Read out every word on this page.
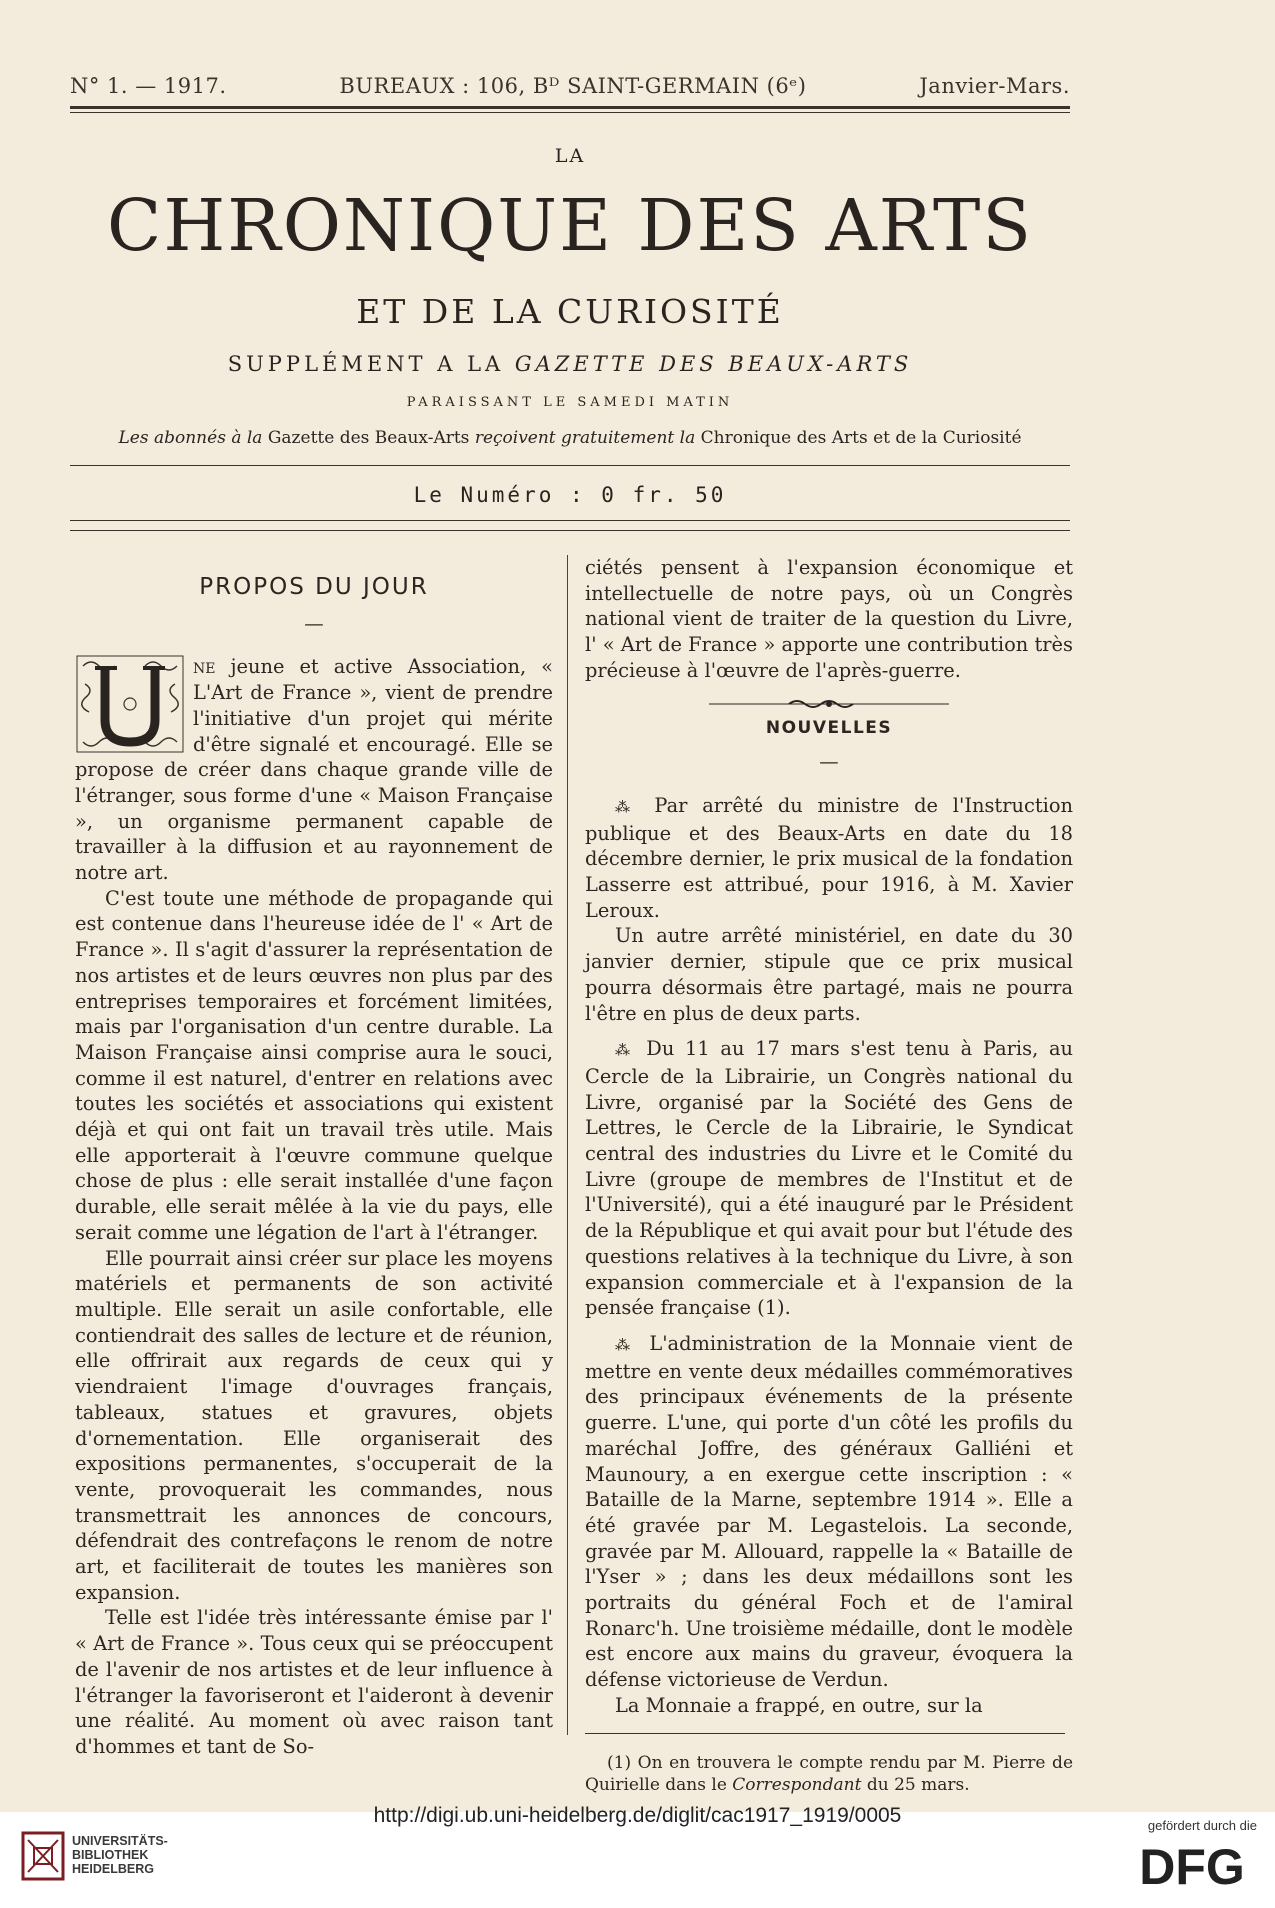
N° 1. — 1917.	BUREAUX : 106, Bᴰ SAINT-GERMAIN (6ᵉ)	Janvier-Mars.
LA
CHRONIQUE DES ARTS
ET DE LA CURIOSITÉ
SUPPLÉMENT A LA GAZETTE DES BEAUX-ARTS
PARAISSANT LE SAMEDI MATIN
Les abonnés à la Gazette des Beaux-Arts reçoivent gratuitement la Chronique des Arts et de la Curiosité
Le Numéro : 0 fr. 50
PROPOS DU JOUR
—

ne jeune et active Association, « L'Art de France », vient de prendre l'initiative d'un projet qui mérite d'être signalé et encouragé. Elle se propose de créer dans chaque grande ville de l'étranger, sous forme d'une « Maison Française », un organisme permanent capable de travailler à la diffusion et au rayonnement de notre art.

C'est toute une méthode de propagande qui est contenue dans l'heureuse idée de l' « Art de France ». Il s'agit d'assurer la représentation de nos artistes et de leurs œuvres non plus par des entreprises temporaires et forcément limitées, mais par l'organisation d'un centre durable. La Maison Française ainsi comprise aura le souci, comme il est naturel, d'entrer en relations avec toutes les sociétés et associations qui existent déjà et qui ont fait un travail très utile. Mais elle apporterait à l'œuvre commune quelque chose de plus : elle serait installée d'une façon durable, elle serait mêlée à la vie du pays, elle serait comme une légation de l'art à l'étranger.

Elle pourrait ainsi créer sur place les moyens matériels et permanents de son activité multiple. Elle serait un asile confortable, elle contiendrait des salles de lecture et de réunion, elle offrirait aux regards de ceux qui y viendraient l'image d'ouvrages français, tableaux, statues et gravures, objets d'ornementation. Elle organiserait des expositions permanentes, s'occuperait de la vente, provoquerait les commandes, nous transmettrait les annonces de concours, défendrait des contrefaçons le renom de notre art, et faciliterait de toutes les manières son expansion.

Telle est l'idée très intéressante émise par l' « Art de France ». Tous ceux qui se préoccupent de l'avenir de nos artistes et de leur influence à l'étranger la favoriseront et l'aideront à devenir une réalité. Au moment où avec raison tant d'hommes et tant de So-

ciétés pensent à l'expansion économique et intellectuelle de notre pays, où un Congrès national vient de traiter de la question du Livre, l' « Art de France » apporte une contribution très précieuse à l'œuvre de l'après-guerre.

NOUVELLES
—

⁂ Par arrêté du ministre de l'Instruction publique et des Beaux-Arts en date du 18 décembre dernier, le prix musical de la fondation Lasserre est attribué, pour 1916, à M. Xavier Leroux.

Un autre arrêté ministériel, en date du 30 janvier dernier, stipule que ce prix musical pourra désormais être partagé, mais ne pourra l'être en plus de deux parts.

⁂ Du 11 au 17 mars s'est tenu à Paris, au Cercle de la Librairie, un Congrès national du Livre, organisé par la Société des Gens de Lettres, le Cercle de la Librairie, le Syndicat central des industries du Livre et le Comité du Livre (groupe de membres de l'Institut et de l'Université), qui a été inauguré par le Président de la République et qui avait pour but l'étude des questions relatives à la technique du Livre, à son expansion commerciale et à l'expansion de la pensée française (1).

⁂ L'administration de la Monnaie vient de mettre en vente deux médailles commémoratives des principaux événements de la présente guerre. L'une, qui porte d'un côté les profils du maréchal Joffre, des généraux Galliéni et Maunoury, a en exergue cette inscription : « Bataille de la Marne, septembre 1914 ». Elle a été gravée par M. Legastelois. La seconde, gravée par M. Allouard, rappelle la « Bataille de l'Yser » ; dans les deux médaillons sont les portraits du général Foch et de l'amiral Ronarc'h. Une troisième médaille, dont le modèle est encore aux mains du graveur, évoquera la défense victorieuse de Verdun.

La Monnaie a frappé, en outre, sur la

(1) On en trouvera le compte rendu par M. Pierre de Quirielle dans le Correspondant du 25 mars.

http://digi.ub.uni-heidelberg.de/diglit/cac1917_1919/0005
UNIVERSITÄTS-
BIBLIOTHEK
HEIDELBERG
gefördert durch die
DFG
